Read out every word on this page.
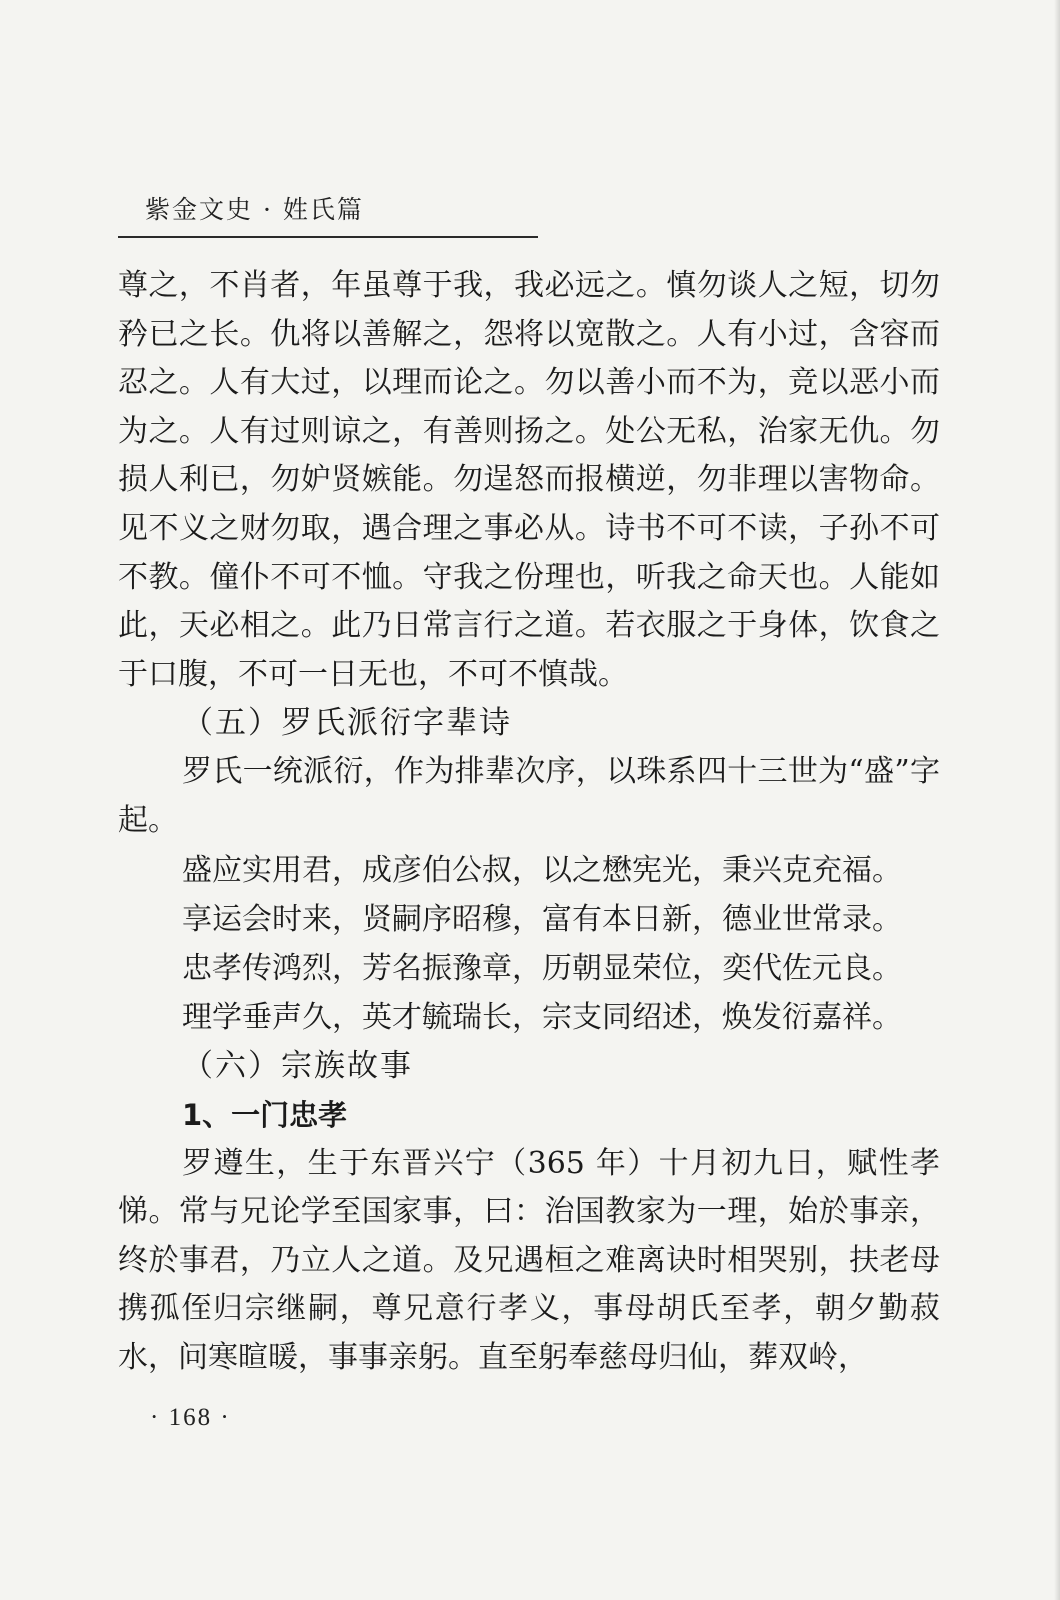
紫金文史 · 姓氏篇

尊之，不肖者，年虽尊于我，我必远之。慎勿谈人之短，切勿矜已之长。仇将以善解之，怨将以宽散之。人有小过，含容而忍之。人有大过，以理而论之。勿以善小而不为，竞以恶小而为之。人有过则谅之，有善则扬之。处公无私，治家无仇。勿损人利已，勿妒贤嫉能。勿逞怒而报横逆，勿非理以害物命。见不义之财勿取，遇合理之事必从。诗书不可不读，子孙不可不教。僮仆不可不恤。守我之份理也，听我之命天也。人能如此，天必相之。此乃日常言行之道。若衣服之于身体，饮食之于口腹，不可一日无也，不可不慎哉。

（五）罗氏派衍字辈诗

罗氏一统派衍，作为排辈次序，以珠系四十三世为“盛”字起。

盛应实用君，成彦伯公叔，以之懋宪光，秉兴克充福。

享运会时来，贤嗣序昭穆，富有本日新，德业世常录。

忠孝传鸿烈，芳名振豫章，历朝显荣位，奕代佐元良。

理学垂声久，英才毓瑞长，宗支同绍述，焕发衍嘉祥。

（六）宗族故事
1、一门忠孝

罗遵生，生于东晋兴宁（365 年）十月初九日，赋性孝悌。常与兄论学至国家事，曰：治国教家为一理，始於事亲，终於事君，乃立人之道。及兄遇桓之难离诀时相哭别，扶老母携孤侄归宗继嗣，尊兄意行孝义，事母胡氏至孝，朝夕勤菽水，问寒暄暖，事事亲躬。直至躬奉慈母归仙，葬双岭，

· 168 ·
